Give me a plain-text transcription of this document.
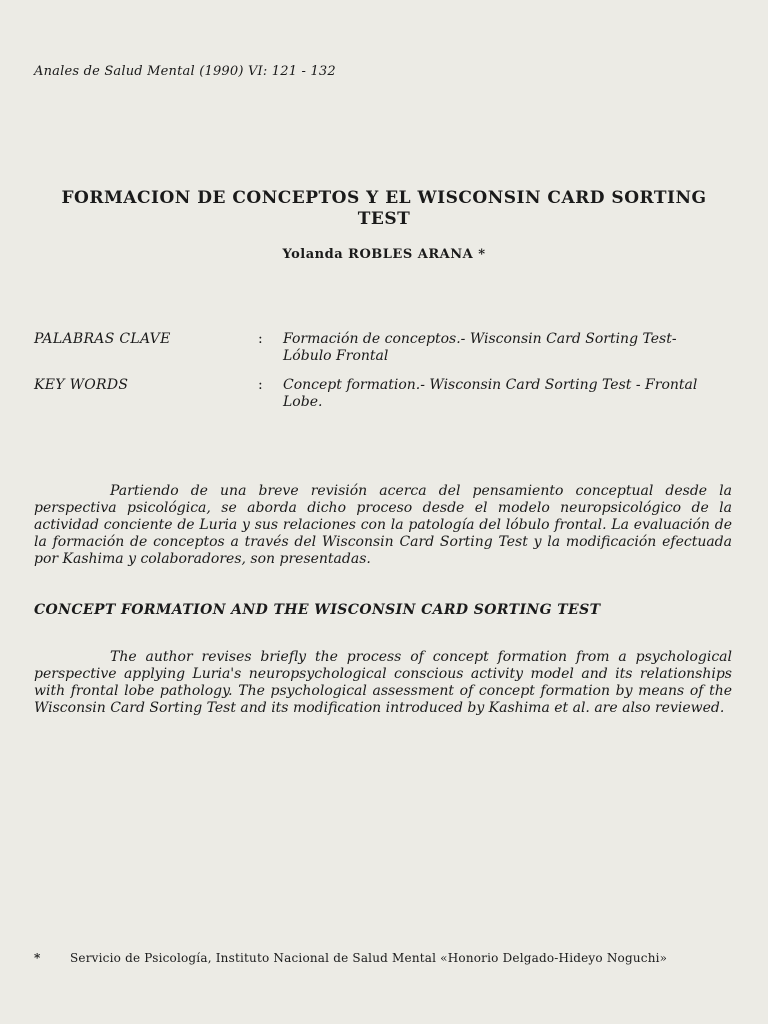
Anales de Salud Mental (1990) VI: 121 - 132
FORMACION DE CONCEPTOS Y EL WISCONSIN CARD SORTING TEST
Yolanda ROBLES ARANA *
PALABRAS CLAVE	: Formación de conceptos.- Wisconsin Card Sorting Test- Lóbulo Frontal
KEY WORDS	: Concept formation.- Wisconsin Card Sorting Test - Frontal Lobe.

Partiendo de una breve revisión acerca del pensamiento conceptual desde la perspectiva psicológica, se aborda dicho proceso desde el modelo neuropsicológico de la actividad conciente de Luria y sus relaciones con la patología del lóbulo frontal. La evaluación de la formación de conceptos a través del Wisconsin Card Sorting Test y la modificación efectuada por Kashima y colaboradores, son presentadas.

CONCEPT FORMATION AND THE WISCONSIN CARD SORTING TEST

The author revises briefly the process of concept formation from a psychological perspective applying Luria's neuropsychological conscious activity model and its relationships with frontal lobe pathology. The psychological assessment of concept formation by means of the Wisconsin Card Sorting Test and its modification introduced by Kashima et al. are also reviewed.

* Servicio de Psicología, Instituto Nacional de Salud Mental «Honorio Delgado-Hideyo Noguchi»
